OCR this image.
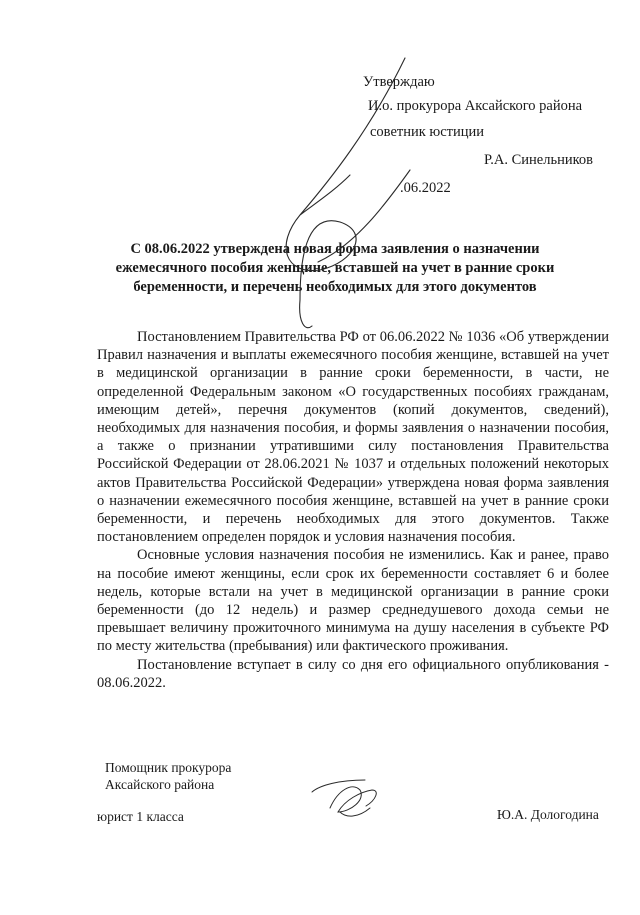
Утверждаю
И.о. прокурора Аксайского района
советник юстиции
Р.А. Синельников
.06.2022
С 08.06.2022 утверждена новая форма заявления о назначении ежемесячного пособия женщине, вставшей на учет в ранние сроки беременности, и перечень необходимых для этого документов

Постановлением Правительства РФ от 06.06.2022 № 1036 «Об утверждении Правил назначения и выплаты ежемесячного пособия женщине, вставшей на учет в медицинской организации в ранние сроки беременности, в части, не определенной Федеральным законом «О государственных пособиях гражданам, имеющим детей», перечня документов (копий документов, сведений), необходимых для назначения пособия, и формы заявления о назначении пособия, а также о признании утратившими силу постановления Правительства Российской Федерации от 28.06.2021 № 1037 и отдельных положений некоторых актов Правительства Российской Федерации» утверждена новая форма заявления о назначении ежемесячного пособия женщине, вставшей на учет в ранние сроки беременности, и перечень необходимых для этого документов. Также постановлением определен порядок и условия назначения пособия.

Основные условия назначения пособия не изменились. Как и ранее, право на пособие имеют женщины, если срок их беременности составляет 6 и более недель, которые встали на учет в медицинской организации в ранние сроки беременности (до 12 недель) и размер среднедушевого дохода семьи не превышает величину прожиточного минимума на душу населения в субъекте РФ по месту жительства (пребывания) или фактического проживания.

Постановление вступает в силу со дня его официального опубликования - 08.06.2022.

Помощник прокурора
Аксайского района
юрист 1 класса	Ю.А. Дологодина
